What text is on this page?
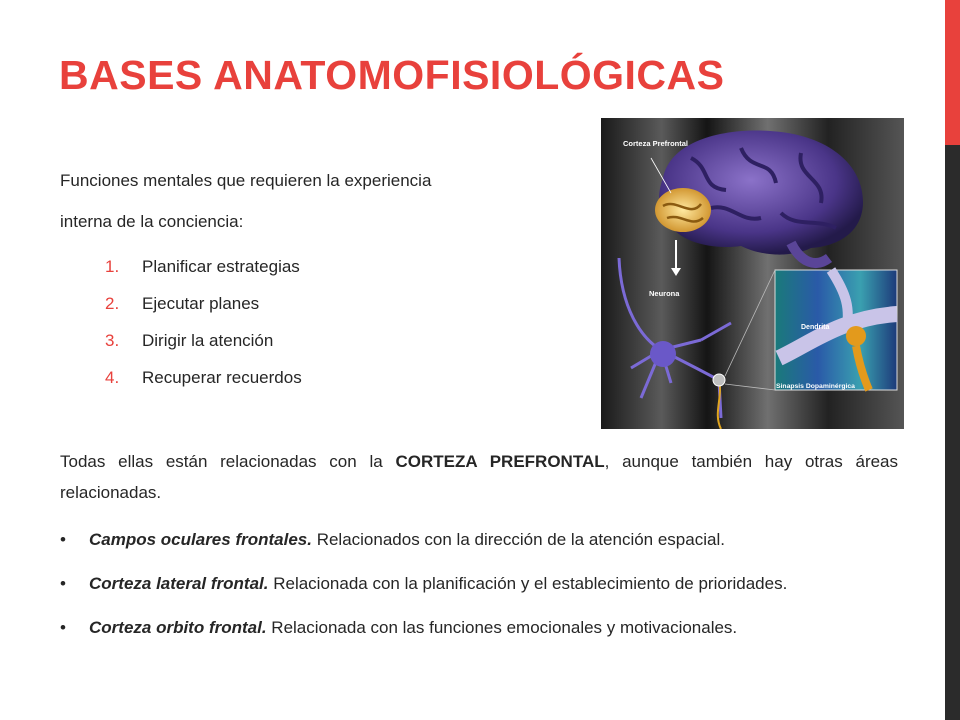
BASES ANATOMOFISIOLÓGICAS
Funciones mentales que requieren la experiencia
interna de la conciencia:
1.	Planificar estrategias
2.	Ejecutar planes
3.	Dirigir la atención
4.	Recuperar recuerdos
Corteza Prefrontal
Neurona
Dendrita
Sinapsis Dopaminérgica

Todas ellas están relacionadas con la CORTEZA PREFRONTAL, aunque también hay otras áreas relacionadas.

• Campos oculares frontales. Relacionados con la dirección de la atención espacial.
• Corteza lateral frontal. Relacionada con la planificación y el establecimiento de prioridades.
• Corteza orbito frontal. Relacionada con las funciones emocionales y motivacionales.
